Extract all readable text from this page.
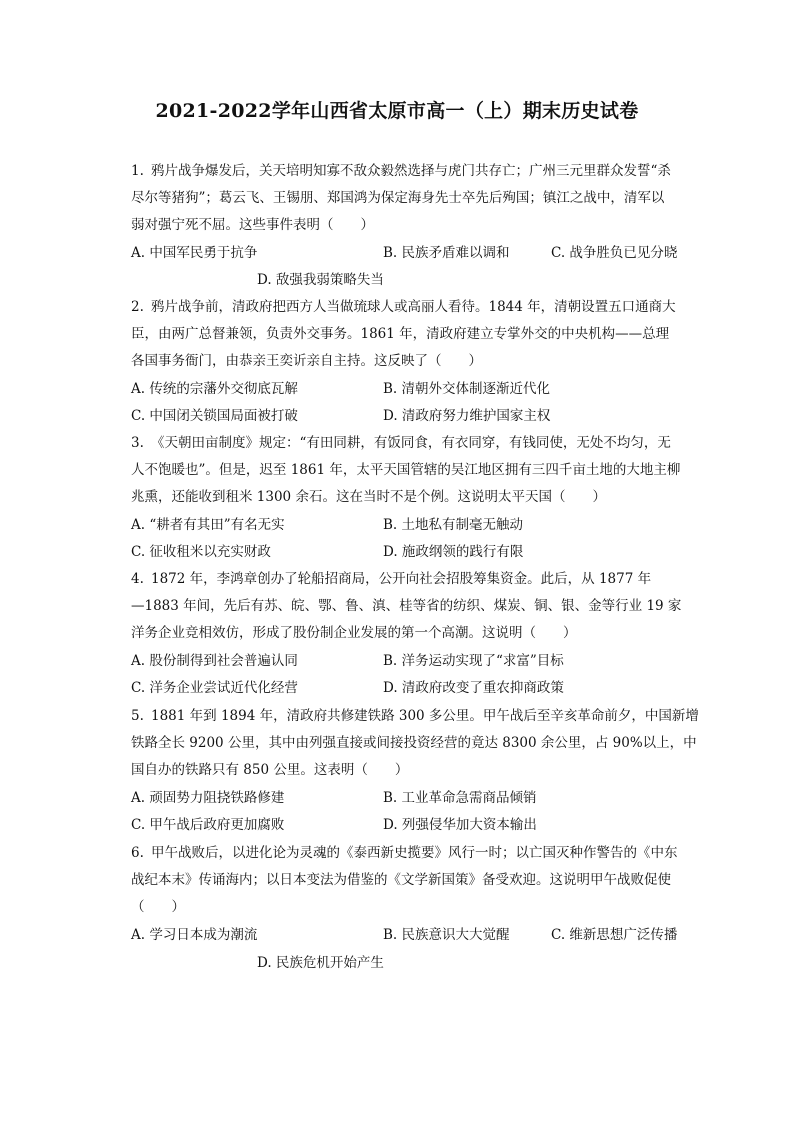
2021-2022学年山西省太原市高一（上）期末历史试卷
1. 鸦片战争爆发后，关天培明知寡不敌众毅然选择与虎门共存亡；广州三元里群众发誓“杀
尽尔等猪狗”；葛云飞、王锡朋、郑国鸿为保定海身先士卒先后殉国；镇江之战中，清军以
弱对强宁死不屈。这些事件表明（　　）
A. 中国军民勇于抗争	B. 民族矛盾难以调和	C. 战争胜负已见分晓
D. 敌强我弱策略失当
2. 鸦片战争前，清政府把西方人当做琉球人或高丽人看待。1844 年，清朝设置五口通商大
臣，由两广总督兼领，负责外交事务。1861 年，清政府建立专掌外交的中央机构——总理
各国事务衙门，由恭亲王奕䜣亲自主持。这反映了（　　）
A. 传统的宗藩外交彻底瓦解	B. 清朝外交体制逐渐近代化
C. 中国闭关锁国局面被打破	D. 清政府努力维护国家主权
3. 《天朝田亩制度》规定：“有田同耕，有饭同食，有衣同穿，有钱同使，无处不均匀，无
人不饱暖也”。但是，迟至 1861 年，太平天国管辖的吴江地区拥有三四千亩土地的大地主柳
兆熏，还能收到租米 1300 余石。这在当时不是个例。这说明太平天国（　　）
A. “耕者有其田”有名无实	B. 土地私有制毫无触动
C. 征收租米以充实财政	D. 施政纲领的践行有限
4. 1872 年，李鸿章创办了轮船招商局，公开向社会招股筹集资金。此后，从 1877 年
—1883 年间，先后有苏、皖、鄂、鲁、滇、桂等省的纺织、煤炭、铜、银、金等行业 19 家
洋务企业竞相效仿，形成了股份制企业发展的第一个高潮。这说明（　　）
A. 股份制得到社会普遍认同	B. 洋务运动实现了“求富”目标
C. 洋务企业尝试近代化经营	D. 清政府改变了重农抑商政策
5. 1881 年到 1894 年，清政府共修建铁路 300 多公里。甲午战后至辛亥革命前夕，中国新增
铁路全长 9200 公里，其中由列强直接或间接投资经营的竟达 8300 余公里，占 90%以上，中
国自办的铁路只有 850 公里。这表明（　　）
A. 顽固势力阻挠铁路修建	B. 工业革命急需商品倾销
C. 甲午战后政府更加腐败	D. 列强侵华加大资本输出
6. 甲午战败后，以进化论为灵魂的《泰西新史揽要》风行一时；以亡国灭种作警告的《中东
战纪本末》传诵海内；以日本变法为借鉴的《文学新国策》备受欢迎。这说明甲午战败促使
（　　）
A. 学习日本成为潮流	B. 民族意识大大觉醒	C. 维新思想广泛传播
D. 民族危机开始产生
